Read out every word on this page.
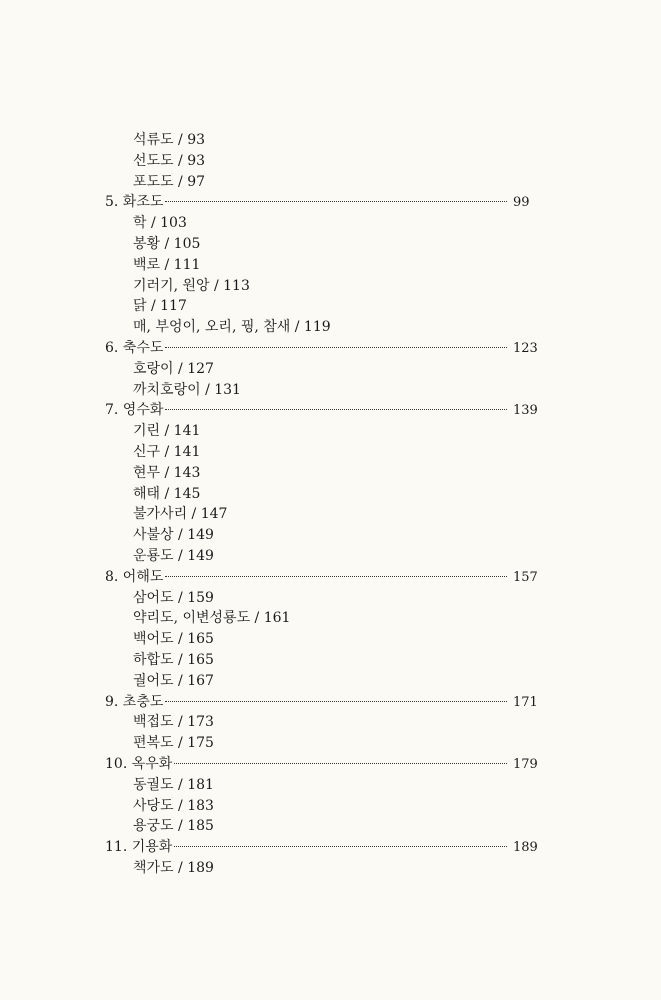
석류도 / 93
선도도 / 93
포도도 / 97
5. 화조도	99
학 / 103
봉황 / 105
백로 / 111
기러기, 원앙 / 113
닭 / 117
매, 부엉이, 오리, 꿩, 참새 / 119
6. 축수도	123
호랑이 / 127
까치호랑이 / 131
7. 영수화	139
기린 / 141
신구 / 141
현무 / 143
해태 / 145
불가사리 / 147
사불상 / 149
운룡도 / 149
8. 어해도	157
삼어도 / 159
약리도, 이변성룡도 / 161
백어도 / 165
하합도 / 165
궐어도 / 167
9. 초충도	171
백접도 / 173
편복도 / 175
10. 옥우화	179
동궐도 / 181
사당도 / 183
용궁도 / 185
11. 기용화	189
책가도 / 189
